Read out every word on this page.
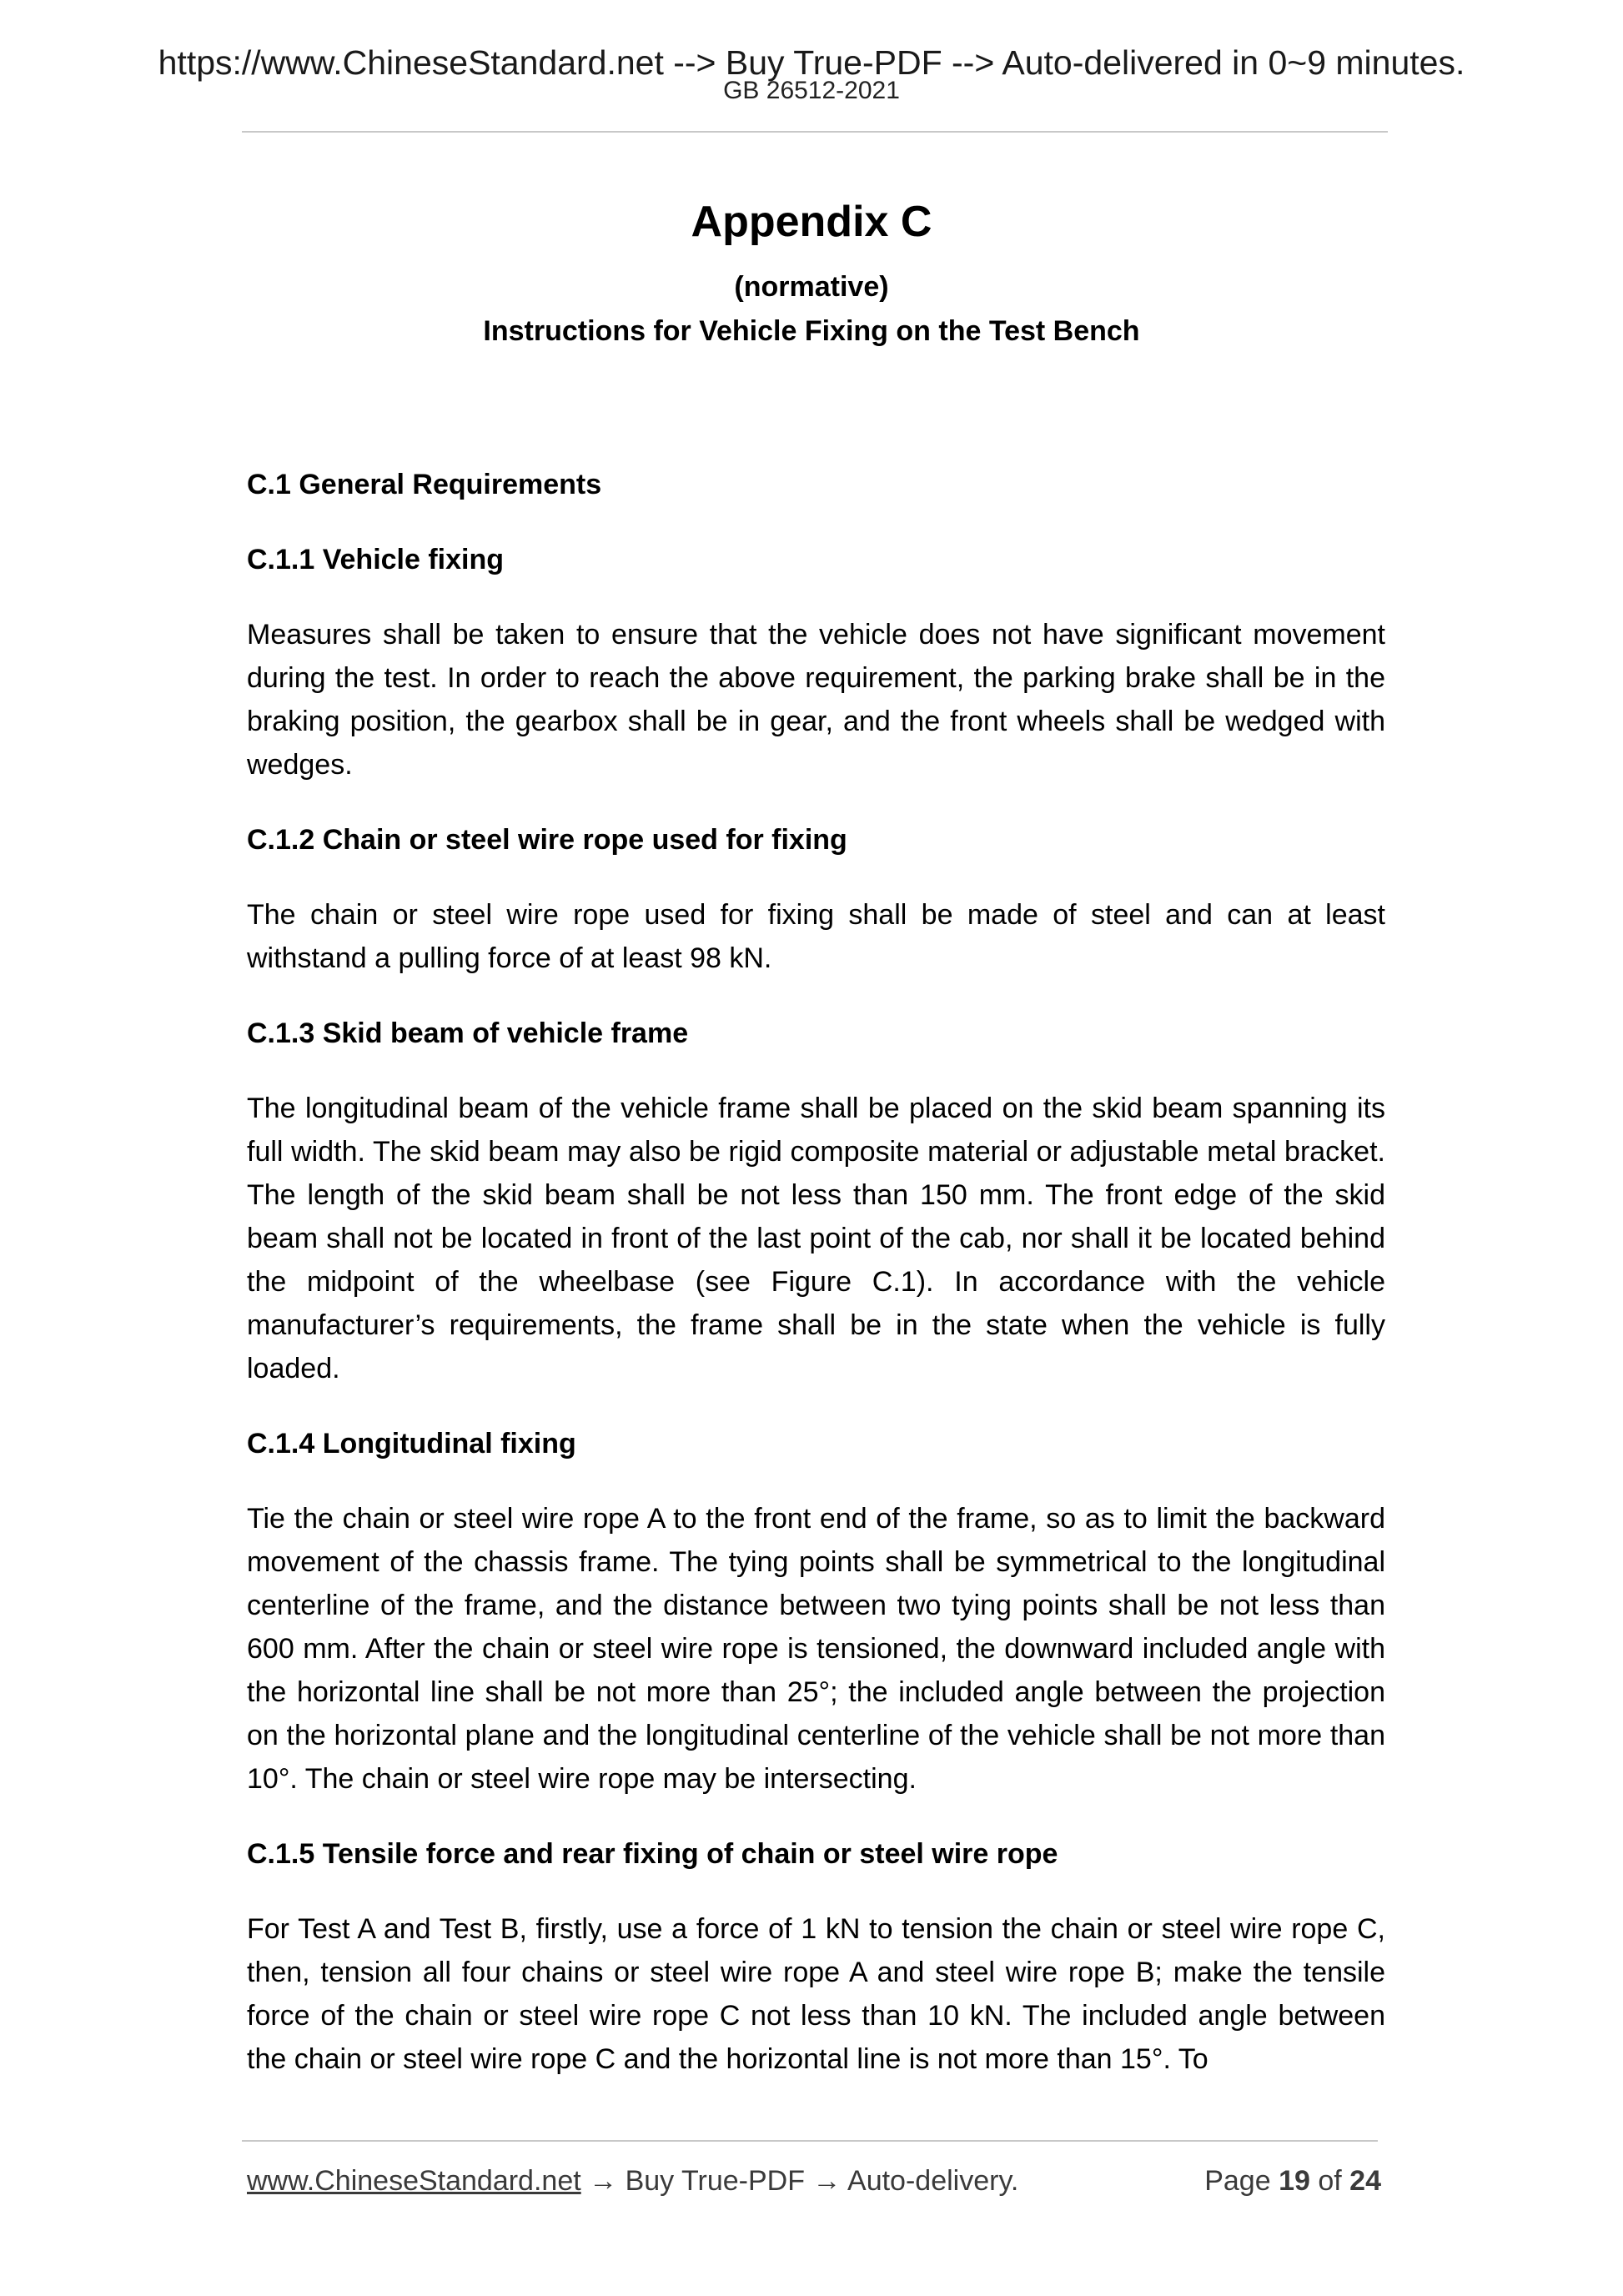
https://www.ChineseStandard.net --> Buy True-PDF --> Auto-delivered in 0~9 minutes.
GB 26512-2021
Appendix C
(normative)
Instructions for Vehicle Fixing on the Test Bench
C.1 General Requirements
C.1.1 Vehicle fixing
Measures shall be taken to ensure that the vehicle does not have significant movement during the test. In order to reach the above requirement, the parking brake shall be in the braking position, the gearbox shall be in gear, and the front wheels shall be wedged with wedges.
C.1.2 Chain or steel wire rope used for fixing
The chain or steel wire rope used for fixing shall be made of steel and can at least withstand a pulling force of at least 98 kN.
C.1.3 Skid beam of vehicle frame
The longitudinal beam of the vehicle frame shall be placed on the skid beam spanning its full width. The skid beam may also be rigid composite material or adjustable metal bracket. The length of the skid beam shall be not less than 150 mm. The front edge of the skid beam shall not be located in front of the last point of the cab, nor shall it be located behind the midpoint of the wheelbase (see Figure C.1). In accordance with the vehicle manufacturer’s requirements, the frame shall be in the state when the vehicle is fully loaded.
C.1.4 Longitudinal fixing
Tie the chain or steel wire rope A to the front end of the frame, so as to limit the backward movement of the chassis frame. The tying points shall be symmetrical to the longitudinal centerline of the frame, and the distance between two tying points shall be not less than 600 mm. After the chain or steel wire rope is tensioned, the downward included angle with the horizontal line shall be not more than 25°; the included angle between the projection on the horizontal plane and the longitudinal centerline of the vehicle shall be not more than 10°. The chain or steel wire rope may be intersecting.
C.1.5 Tensile force and rear fixing of chain or steel wire rope
For Test A and Test B, firstly, use a force of 1 kN to tension the chain or steel wire rope C, then, tension all four chains or steel wire rope A and steel wire rope B; make the tensile force of the chain or steel wire rope C not less than 10 kN. The included angle between the chain or steel wire rope C and the horizontal line is not more than 15°. To
www.ChineseStandard.net → Buy True-PDF → Auto-delivery.	Page 19 of 24
